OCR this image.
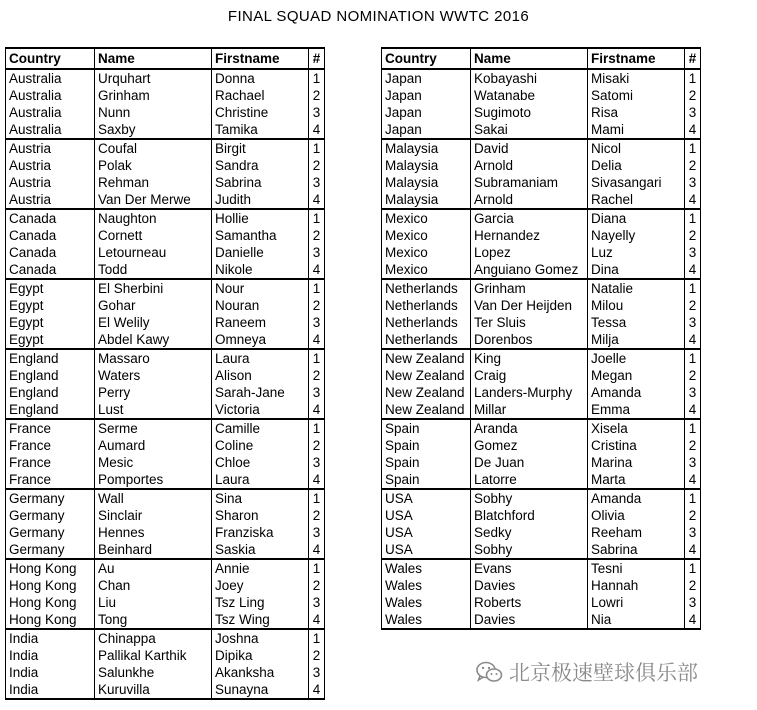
FINAL SQUAD NOMINATION WWTC 2016
Country	Name	Firstname	#
Australia	Urquhart	Donna	1
Australia	Grinham	Rachael	2
Australia	Nunn	Christine	3
Australia	Saxby	Tamika	4
Austria	Coufal	Birgit	1
Austria	Polak	Sandra	2
Austria	Rehman	Sabrina	3
Austria	Van Der Merwe	Judith	4
Canada	Naughton	Hollie	1
Canada	Cornett	Samantha	2
Canada	Letourneau	Danielle	3
Canada	Todd	Nikole	4
Egypt	El Sherbini	Nour	1
Egypt	Gohar	Nouran	2
Egypt	El Welily	Raneem	3
Egypt	Abdel Kawy	Omneya	4
England	Massaro	Laura	1
England	Waters	Alison	2
England	Perry	Sarah-Jane	3
England	Lust	Victoria	4
France	Serme	Camille	1
France	Aumard	Coline	2
France	Mesic	Chloe	3
France	Pomportes	Laura	4
Germany	Wall	Sina	1
Germany	Sinclair	Sharon	2
Germany	Hennes	Franziska	3
Germany	Beinhard	Saskia	4
Hong Kong	Au	Annie	1
Hong Kong	Chan	Joey	2
Hong Kong	Liu	Tsz Ling	3
Hong Kong	Tong	Tsz Wing	4
India	Chinappa	Joshna	1
India	Pallikal Karthik	Dipika	2
India	Salunkhe	Akanksha	3
India	Kuruvilla	Sunayna	4
Country	Name	Firstname	#
Japan	Kobayashi	Misaki	1
Japan	Watanabe	Satomi	2
Japan	Sugimoto	Risa	3
Japan	Sakai	Mami	4
Malaysia	David	Nicol	1
Malaysia	Arnold	Delia	2
Malaysia	Subramaniam	Sivasangari	3
Malaysia	Arnold	Rachel	4
Mexico	Garcia	Diana	1
Mexico	Hernandez	Nayelly	2
Mexico	Lopez	Luz	3
Mexico	Anguiano Gomez	Dina	4
Netherlands	Grinham	Natalie	1
Netherlands	Van Der Heijden	Milou	2
Netherlands	Ter Sluis	Tessa	3
Netherlands	Dorenbos	Milja	4
New Zealand	King	Joelle	1
New Zealand	Craig	Megan	2
New Zealand	Landers-Murphy	Amanda	3
New Zealand	Millar	Emma	4
Spain	Aranda	Xisela	1
Spain	Gomez	Cristina	2
Spain	De Juan	Marina	3
Spain	Latorre	Marta	4
USA	Sobhy	Amanda	1
USA	Blatchford	Olivia	2
USA	Sedky	Reeham	3
USA	Sobhy	Sabrina	4
Wales	Evans	Tesni	1
Wales	Davies	Hannah	2
Wales	Roberts	Lowri	3
Wales	Davies	Nia	4
北京极速壁球俱乐部
